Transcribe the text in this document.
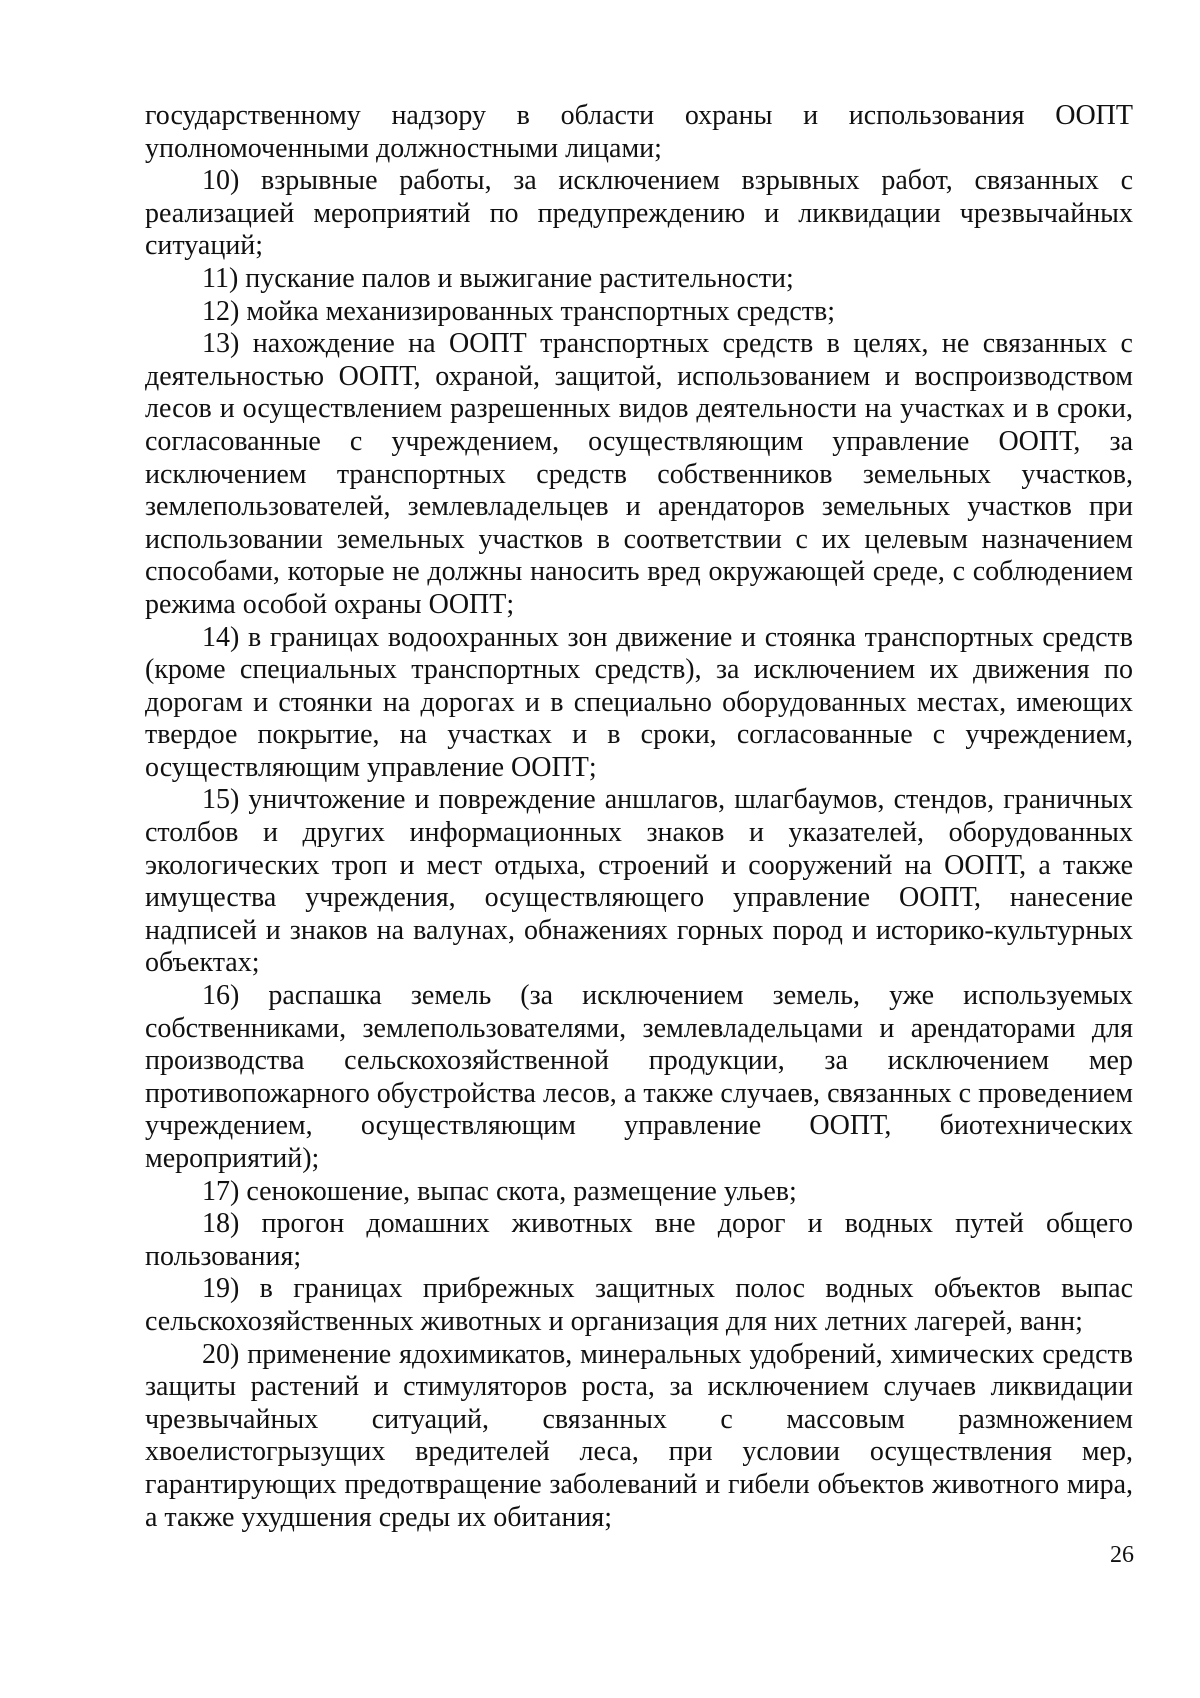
государственному надзору в области охраны и использования ООПТ уполномоченными должностными лицами;

10) взрывные работы, за исключением взрывных работ, связанных с реализацией мероприятий по предупреждению и ликвидации чрезвычайных ситуаций;

11) пускание палов и выжигание растительности;

12) мойка механизированных транспортных средств;

13) нахождение на ООПТ транспортных средств в целях, не связанных с деятельностью ООПТ, охраной, защитой, использованием и воспроизводством лесов и осуществлением разрешенных видов деятельности на участках и в сроки, согласованные с учреждением, осуществляющим управление ООПТ, за исключением транспортных средств собственников земельных участков, землепользователей, землевладельцев и арендаторов земельных участков при использовании земельных участков в соответствии с их целевым назначением способами, которые не должны наносить вред окружающей среде, с соблюдением режима особой охраны ООПТ;

14) в границах водоохранных зон движение и стоянка транспортных средств (кроме специальных транспортных средств), за исключением их движения по дорогам и стоянки на дорогах и в специально оборудованных местах, имеющих твердое покрытие, на участках и в сроки, согласованные с учреждением, осуществляющим управление ООПТ;

15) уничтожение и повреждение аншлагов, шлагбаумов, стендов, граничных столбов и других информационных знаков и указателей, оборудованных экологических троп и мест отдыха, строений и сооружений на ООПТ, а также имущества учреждения, осуществляющего управление ООПТ, нанесение надписей и знаков на валунах, обнажениях горных пород и историко-культурных объектах;

16) распашка земель (за исключением земель, уже используемых собственниками, землепользователями, землевладельцами и арендаторами для производства сельскохозяйственной продукции, за исключением мер противопожарного обустройства лесов, а также случаев, связанных с проведением учреждением, осуществляющим управление ООПТ, биотехнических мероприятий);

17) сенокошение, выпас скота, размещение ульев;

18) прогон домашних животных вне дорог и водных путей общего пользования;

19) в границах прибрежных защитных полос водных объектов выпас сельскохозяйственных животных и организация для них летних лагерей, ванн;

20) применение ядохимикатов, минеральных удобрений, химических средств защиты растений и стимуляторов роста, за исключением случаев ликвидации чрезвычайных ситуаций, связанных с массовым размножением хвоелистогрызущих вредителей леса, при условии осуществления мер, гарантирующих предотвращение заболеваний и гибели объектов животного мира, а также ухудшения среды их обитания;

26
